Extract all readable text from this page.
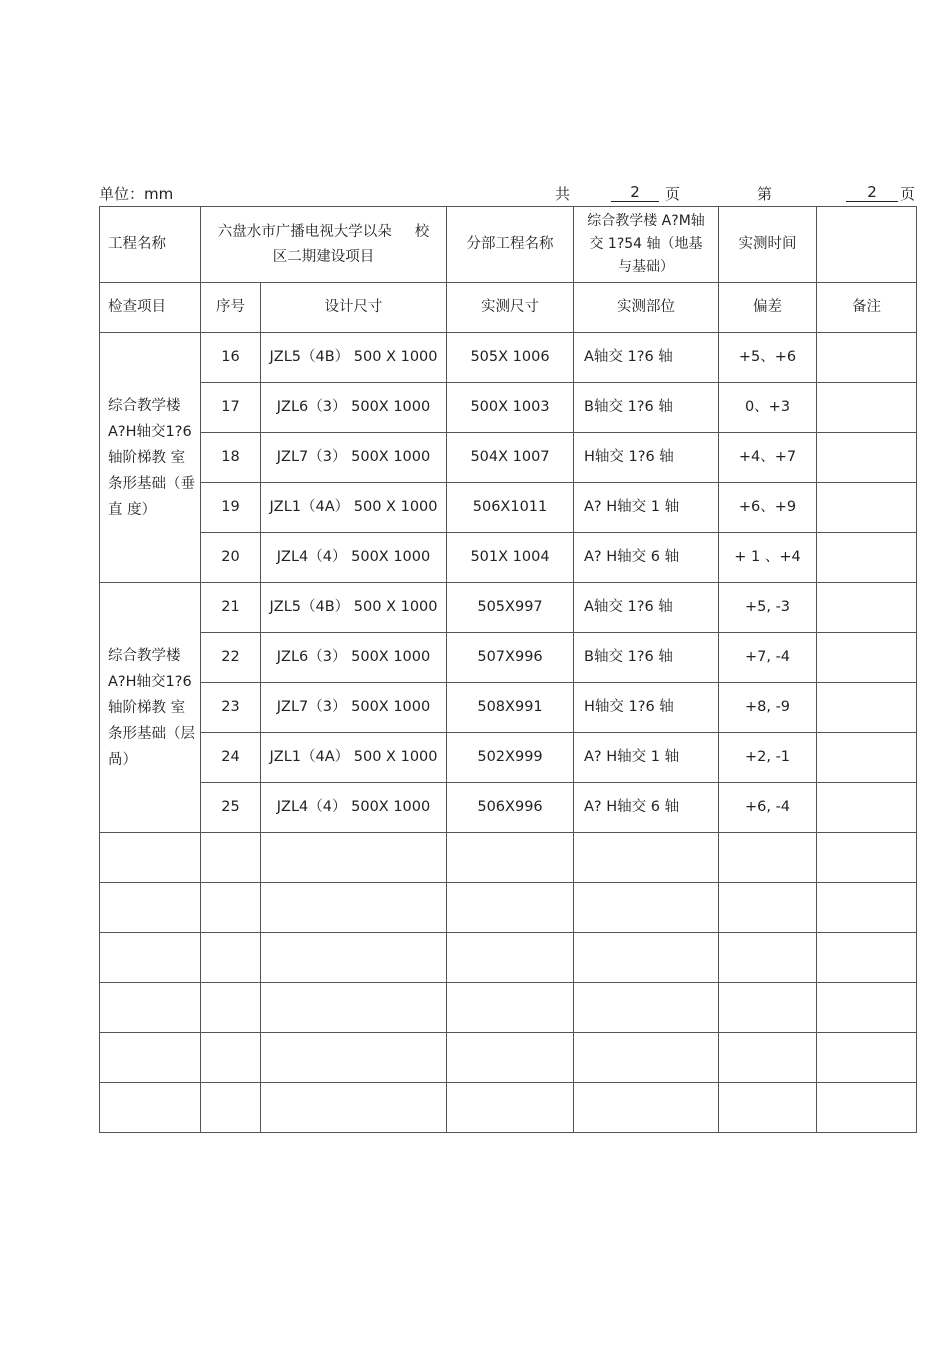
单位：mm	共	2	页	第	2	页
工程名称	六盘水市广播电视大学以朵     校区二期建设项目		分部工程名称	综合教学楼 A?M轴交 1?54 轴（地基与基础）	实测时间	
检查项目	序号	设计尺寸	实测尺寸	实测部位	偏差	备注
综合教学楼 A?H轴交1?6 轴阶梯教 室条形基础（垂直 度）	16	JZL5（4B） 500 X 1000	505X 1006	A轴交 1?6 轴	+5、+6	
	17	JZL6（3） 500X 1000	500X 1003	B轴交 1?6 轴	0、+3	
	18	JZL7（3） 500X 1000	504X 1007	H轴交 1?6 轴	+4、+7	
	19	JZL1（4A） 500 X 1000	506X1011	A? H轴交 1 轴	+6、+9	
	20	JZL4（4） 500X 1000	501X 1004	A? H轴交 6 轴	+ 1 、+4	
综合教学楼 A?H轴交1?6 轴阶梯教 室条形基础（层咼）	21	JZL5（4B） 500 X 1000	505X997	A轴交 1?6 轴	+5, -3	
	22	JZL6（3） 500X 1000	507X996	B轴交 1?6 轴	+7, -4	
	23	JZL7（3） 500X 1000	508X991	H轴交 1?6 轴	+8, -9	
	24	JZL1（4A） 500 X 1000	502X999	A? H轴交 1 轴	+2, -1	
	25	JZL4（4） 500X 1000	506X996	A? H轴交 6 轴	+6, -4	
